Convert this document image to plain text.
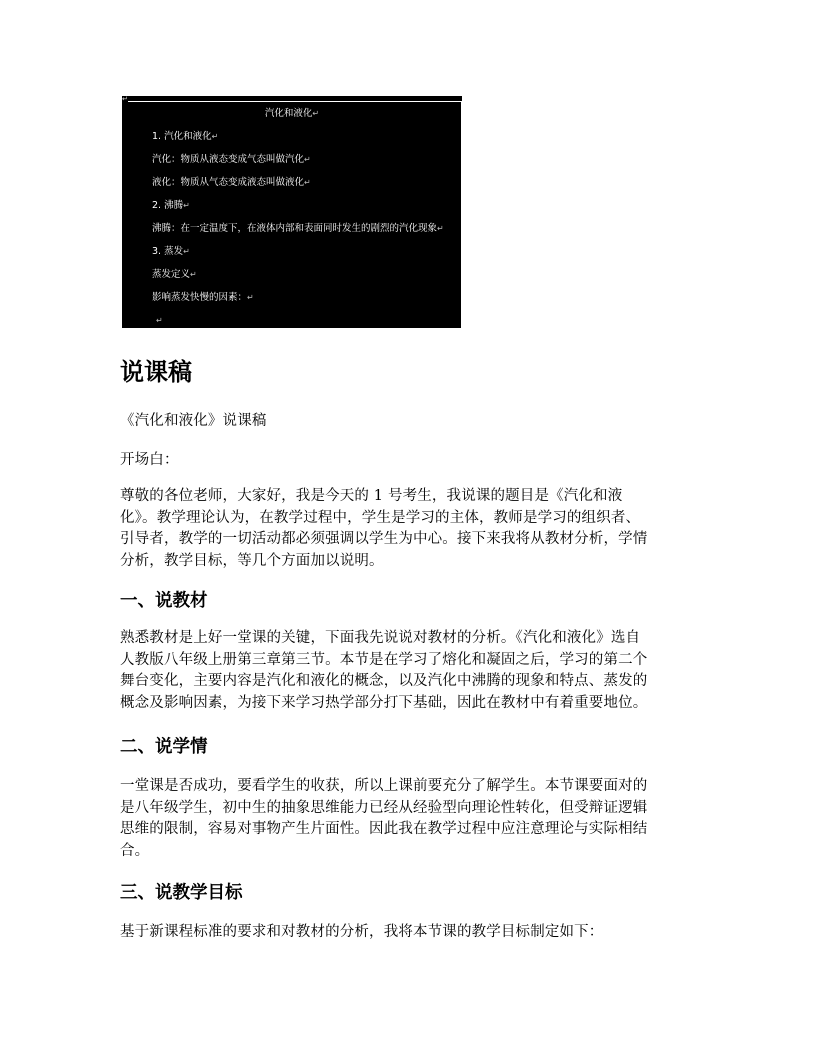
↵
汽化和液化↵
1. 汽化和液化↵
汽化：物质从液态变成气态叫做汽化↵
液化：物质从气态变成液态叫做液化↵
2. 沸腾↵
沸腾：在一定温度下，在液体内部和表面同时发生的剧烈的汽化现象↵
3. 蒸发↵
蒸发定义↵
影响蒸发快慢的因素：↵
↵
说课稿

《汽化和液化》说课稿

开场白：

尊敬的各位老师，大家好，我是今天的 1 号考生，我说课的题目是《汽化和液
化》。教学理论认为，在教学过程中，学生是学习的主体，教师是学习的组织者、
引导者，教学的一切活动都必须强调以学生为中心。接下来我将从教材分析，学情
分析，教学目标，等几个方面加以说明。

一、说教材

熟悉教材是上好一堂课的关键，下面我先说说对教材的分析。《汽化和液化》选自
人教版八年级上册第三章第三节。本节是在学习了熔化和凝固之后，学习的第二个
舞台变化，主要内容是汽化和液化的概念，以及汽化中沸腾的现象和特点、蒸发的
概念及影响因素，为接下来学习热学部分打下基础，因此在教材中有着重要地位。

二、说学情

一堂课是否成功，要看学生的收获，所以上课前要充分了解学生。本节课要面对的
是八年级学生，初中生的抽象思维能力已经从经验型向理论性转化，但受辩证逻辑
思维的限制，容易对事物产生片面性。因此我在教学过程中应注意理论与实际相结
合。

三、说教学目标

基于新课程标准的要求和对教材的分析，我将本节课的教学目标制定如下：
